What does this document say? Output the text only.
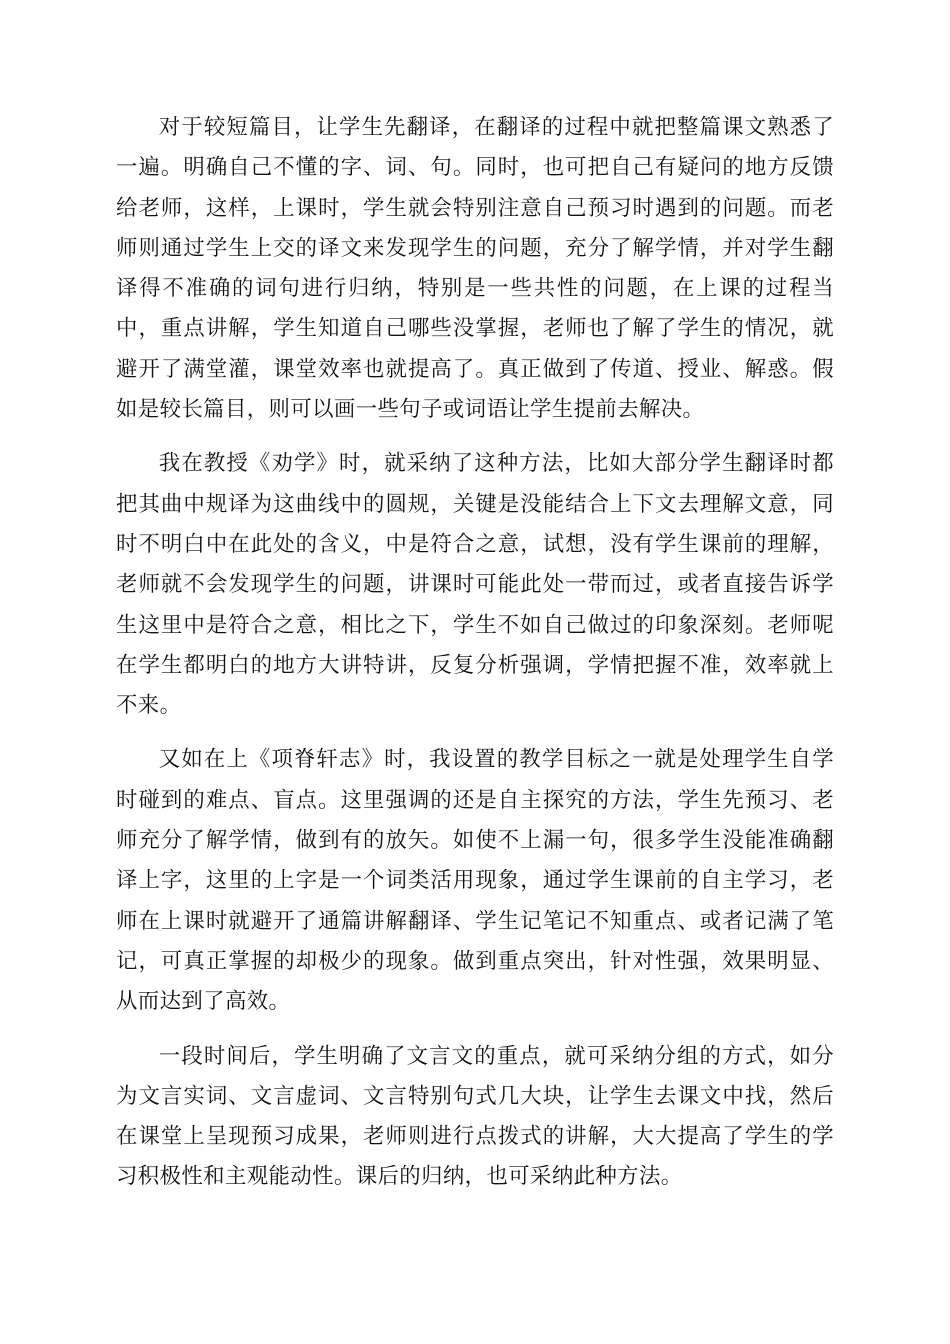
对于较短篇目，让学生先翻译，在翻译的过程中就把整篇课文熟悉了一遍。明确自己不懂的字、词、句。同时，也可把自己有疑问的地方反馈给老师，这样，上课时，学生就会特别注意自己预习时遇到的问题。而老师则通过学生上交的译文来发现学生的问题，充分了解学情，并对学生翻译得不准确的词句进行归纳，特别是一些共性的问题，在上课的过程当中，重点讲解，学生知道自己哪些没掌握，老师也了解了学生的情况，就避开了满堂灌，课堂效率也就提高了。真正做到了传道、授业、解惑。假如是较长篇目，则可以画一些句子或词语让学生提前去解决。

我在教授《劝学》时，就采纳了这种方法，比如大部分学生翻译时都把其曲中规译为这曲线中的圆规，关键是没能结合上下文去理解文意，同时不明白中在此处的含义，中是符合之意，试想，没有学生课前的理解，老师就不会发现学生的问题，讲课时可能此处一带而过，或者直接告诉学生这里中是符合之意，相比之下，学生不如自己做过的印象深刻。老师呢在学生都明白的地方大讲特讲，反复分析强调，学情把握不准，效率就上不来。

又如在上《项脊轩志》时，我设置的教学目标之一就是处理学生自学时碰到的难点、盲点。这里强调的还是自主探究的方法，学生先预习、老师充分了解学情，做到有的放矢。如使不上漏一句，很多学生没能准确翻译上字，这里的上字是一个词类活用现象，通过学生课前的自主学习，老师在上课时就避开了通篇讲解翻译、学生记笔记不知重点、或者记满了笔记，可真正掌握的却极少的现象。做到重点突出，针对性强，效果明显、从而达到了高效。

一段时间后，学生明确了文言文的重点，就可采纳分组的方式，如分为文言实词、文言虚词、文言特别句式几大块，让学生去课文中找，然后在课堂上呈现预习成果，老师则进行点拨式的讲解，大大提高了学生的学习积极性和主观能动性。课后的归纳，也可采纳此种方法。
